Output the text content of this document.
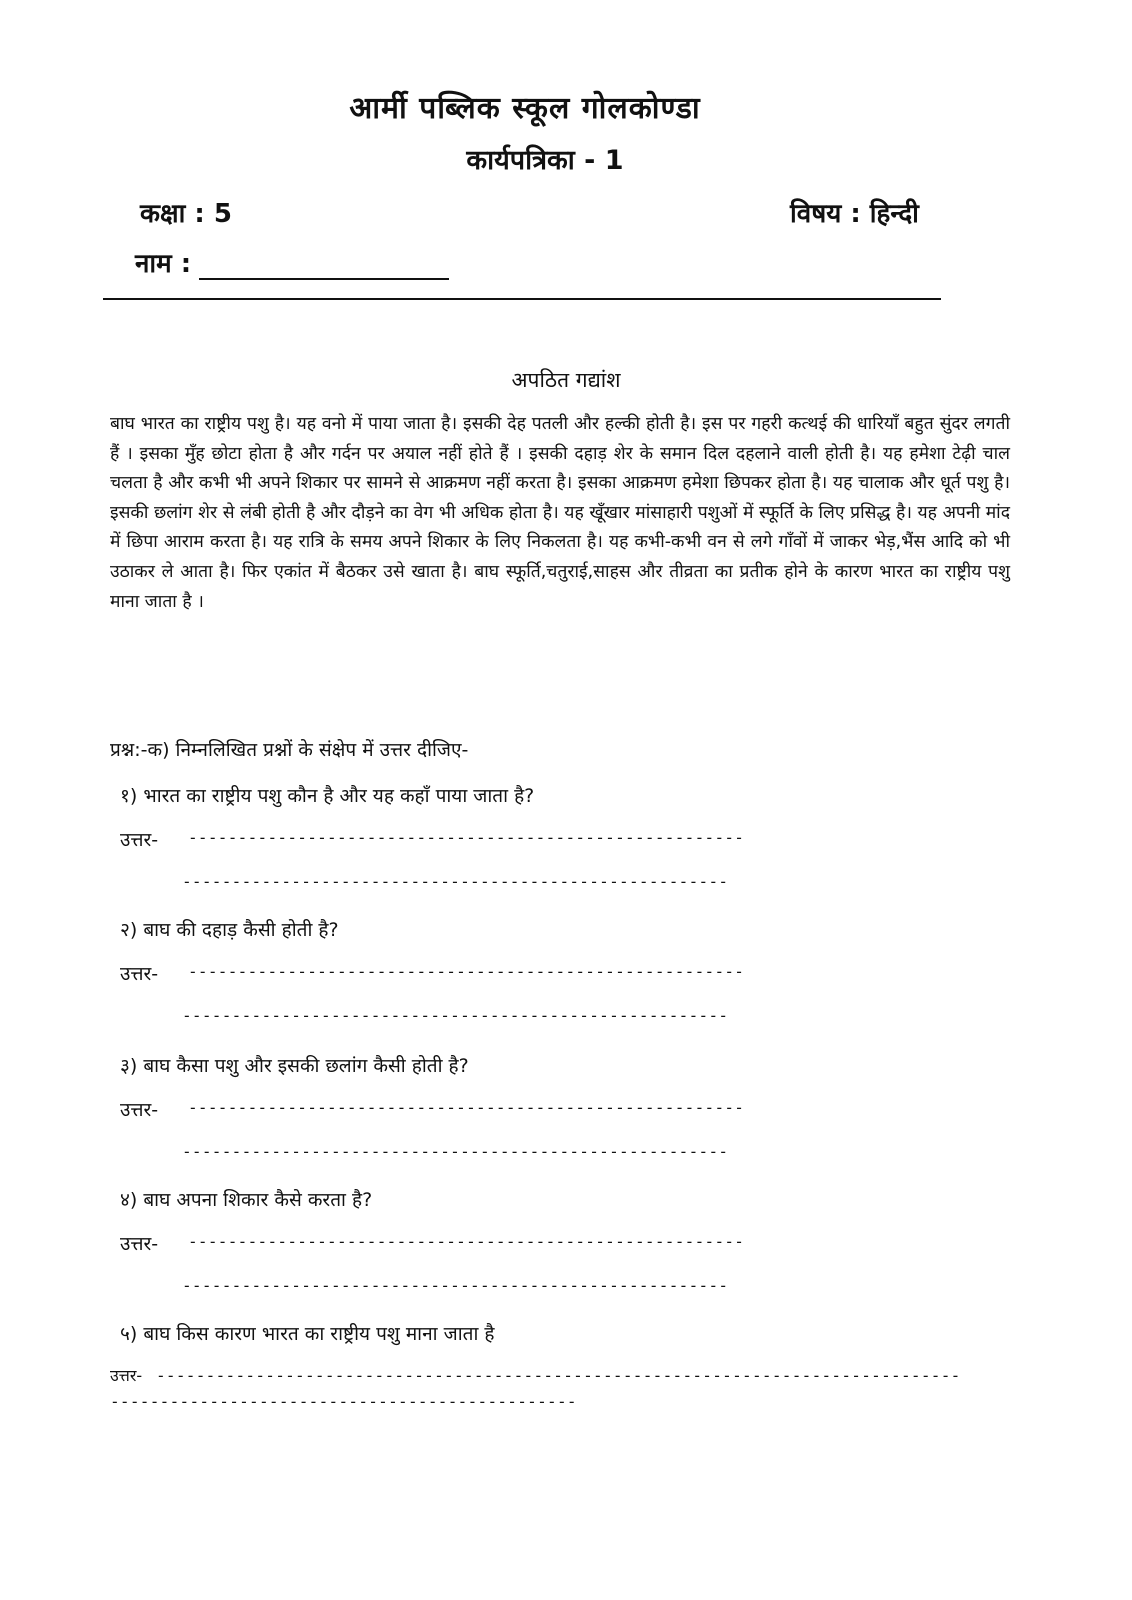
आर्मी पब्लिक स्कूल गोलकोण्डा
कार्यपत्रिका - 1
कक्षा : 5	विषय : हिन्दी
नाम :
अपठित गद्यांश
बाघ भारत का राष्ट्रीय पशु है। यह वनो में पाया जाता है। इसकी देह पतली और हल्की होती है। इस पर गहरी कत्थई की धारियाँ बहुत सुंदर लगती हैं । इसका मुँह छोटा होता है और गर्दन पर अयाल नहीं होते हैं । इसकी दहाड़ शेर के समान दिल दहलाने वाली होती है। यह हमेशा टेढ़ी चाल चलता है और कभी भी अपने शिकार पर सामने से आक्रमण नहीं करता है। इसका आक्रमण हमेशा छिपकर होता है। यह चालाक और धूर्त पशु है। इसकी छलांग शेर से लंबी होती है और दौड़ने का वेग भी अधिक होता है। यह खूँखार मांसाहारी पशुओं में स्फूर्ति के लिए प्रसिद्ध है। यह अपनी मांद में छिपा आराम करता है। यह रात्रि के समय अपने शिकार के लिए निकलता है। यह कभी-कभी वन से लगे गाँवों में जाकर भेड़,भैंस आदि को भी उठाकर ले आता है। फिर एकांत में बैठकर उसे खाता है। बाघ स्फूर्ति,चतुराई,साहस और तीव्रता का प्रतीक होने के कारण भारत का राष्ट्रीय पशु माना जाता है ।
प्रश्न:-क) निम्नलिखित प्रश्नों के संक्षेप में उत्तर दीजिए-
१) भारत का राष्ट्रीय पशु कौन है और यह कहाँ पाया जाता है?
उत्तर- --------------------------------------------------------
-------------------------------------------------------
२) बाघ की दहाड़ कैसी होती है?
उत्तर- --------------------------------------------------------
-------------------------------------------------------
३) बाघ कैसा पशु और इसकी छलांग कैसी होती है?
उत्तर- --------------------------------------------------------
-------------------------------------------------------
४) बाघ अपना शिकार कैसे करता है?
उत्तर- --------------------------------------------------------
-------------------------------------------------------
५) बाघ किस कारण भारत का राष्ट्रीय पशु माना जाता है
उत्तर- ---------------------------------------------------------------------------------
-----------------------------------------------
